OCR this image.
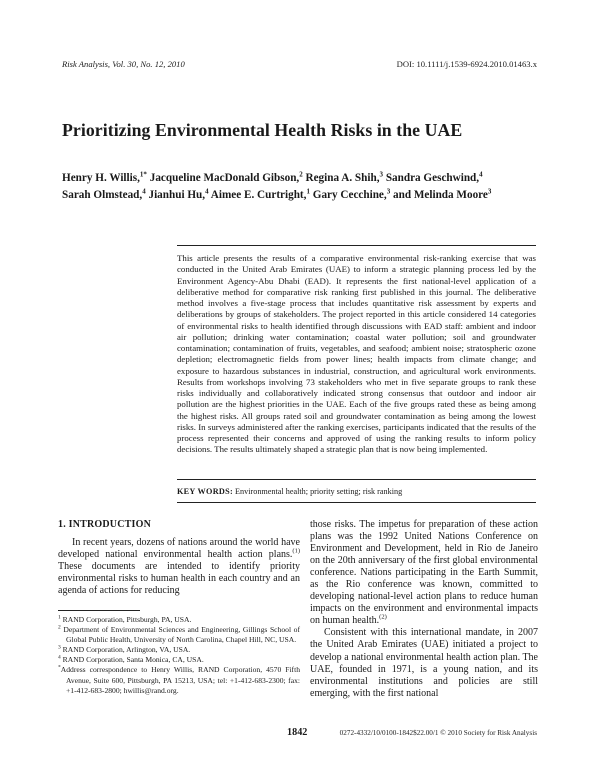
Risk Analysis, Vol. 30, No. 12, 2010	DOI: 10.1111/j.1539-6924.2010.01463.x
Prioritizing Environmental Health Risks in the UAE
Henry H. Willis,$^{1*}$ Jacqueline MacDonald Gibson,$^2$ Regina A. Shih,$^3$ Sandra Geschwind,$^4$
Sarah Olmstead,$^4$ Jianhui Hu,$^4$ Aimee E. Curtright,$^1$ Gary Cecchine,$^3$ and Melinda Moore$^3$
This article presents the results of a comparative environmental risk-ranking exercise that was conducted in the United Arab Emirates (UAE) to inform a strategic planning process led by the Environment Agency-Abu Dhabi (EAD). It represents the first national-level application of a deliberative method for comparative risk ranking first published in this journal. The deliberative method involves a five-stage process that includes quantitative risk assessment by experts and deliberations by groups of stakeholders. The project reported in this article considered 14 categories of environmental risks to health identified through discussions with EAD staff: ambient and indoor air pollution; drinking water contamination; coastal water pollution; soil and groundwater contamination; contamination of fruits, vegetables, and seafood; ambient noise; stratospheric ozone depletion; electromagnetic fields from power lines; health impacts from climate change; and exposure to hazardous substances in industrial, construction, and agricultural work environments. Results from workshops involving 73 stakeholders who met in five separate groups to rank these risks individually and collaboratively indicated strong consensus that outdoor and indoor air pollution are the highest priorities in the UAE. Each of the five groups rated these as being among the highest risks. All groups rated soil and groundwater contamination as being among the lowest risks. In surveys administered after the ranking exercises, participants indicated that the results of the process represented their concerns and approved of using the ranking results to inform policy decisions. The results ultimately shaped a strategic plan that is now being implemented.
KEY WORDS: Environmental health; priority setting; risk ranking
1. INTRODUCTION

In recent years, dozens of nations around the world have developed national environmental health action plans.$^{(1)}$ These documents are intended to identify priority environmental risks to human health in each country and an agenda of actions for reducing

$^1$ RAND Corporation, Pittsburgh, PA, USA.
$^2$ Department of Environmental Sciences and Engineering, Gillings School of Global Public Health, University of North Carolina, Chapel Hill, NC, USA.
$^3$ RAND Corporation, Arlington, VA, USA.
$^4$ RAND Corporation, Santa Monica, CA, USA.
*Address correspondence to Henry Willis, RAND Corporation, 4570 Fifth Avenue, Suite 600, Pittsburgh, PA 15213, USA; tel: +1-412-683-2300; fax: +1-412-683-2800; hwillis@rand.org.

those risks. The impetus for preparation of these action plans was the 1992 United Nations Conference on Environment and Development, held in Rio de Janeiro on the 20th anniversary of the first global environmental conference. Nations participating in the Earth Summit, as the Rio conference was known, committed to developing national-level action plans to reduce human impacts on the environment and environmental impacts on human health.$^{(2)}$

Consistent with this international mandate, in 2007 the United Arab Emirates (UAE) initiated a project to develop a national environmental health action plan. The UAE, founded in 1971, is a young nation, and its environmental institutions and policies are still emerging, with the first national

1842	0272-4332/10/0100-1842$22.00/1 © 2010 Society for Risk Analysis
